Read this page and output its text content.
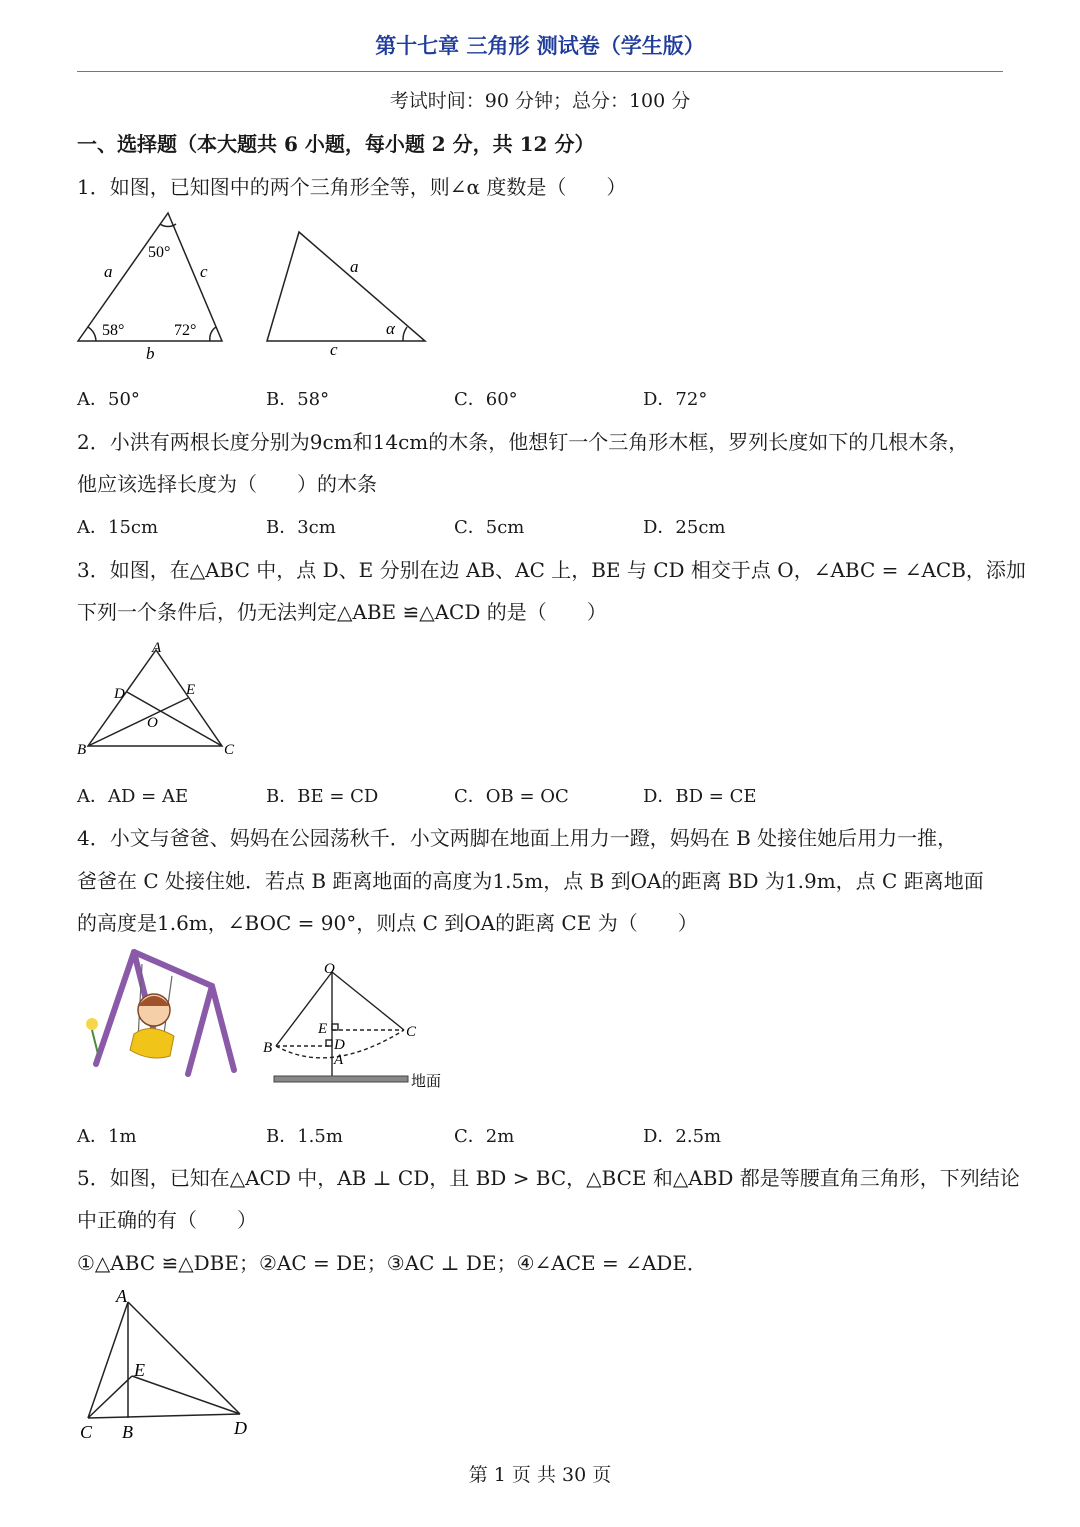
第十七章 三角形 测试卷（学生版）
考试时间：90 分钟；总分：100 分
一、选择题（本大题共 6 小题，每小题 2 分，共 12 分）
1．如图，已知图中的两个三角形全等，则∠α 度数是（　　）
50°
58°	72°
a	c
b
a
c
α
A．50°	B．58°	C．60°	D．72°
2．小洪有两根长度分别为9cm和14cm的木条，他想钉一个三角形木框，罗列长度如下的几根木条，
他应该选择长度为（　　）的木条
A．15cm	B．3cm	C．5cm	D．25cm
3．如图，在△ABC 中，点 D、E 分别在边 AB、AC 上，BE 与 CD 相交于点 O，∠ABC = ∠ACB，添加
下列一个条件后，仍无法判定△ABE ≌△ACD 的是（　　）
A
D	E
O
B	C
A．AD = AE	B．BE = CD	C．OB = OC	D．BD = CE
4．小文与爸爸、妈妈在公园荡秋千．小文两脚在地面上用力一蹬，妈妈在 B 处接住她后用力一推，
爸爸在 C 处接住她．若点 B 距离地面的高度为1.5m，点 B 到OA的距离 BD 为1.9m，点 C 距离地面
的高度是1.6m，∠BOC = 90°，则点 C 到OA的距离 CE 为（　　）
O
E	C
B	D
A
地面
A．1m	B．1.5m	C．2m	D．2.5m
5．如图，已知在△ACD 中，AB ⊥ CD，且 BD > BC，△BCE 和△ABD 都是等腰直角三角形，下列结论
中正确的有（　　）
①△ABC ≌△DBE；②AC = DE；③AC ⊥ DE；④∠ACE = ∠ADE．
A
E
C B	D
第 1 页 共 30 页
